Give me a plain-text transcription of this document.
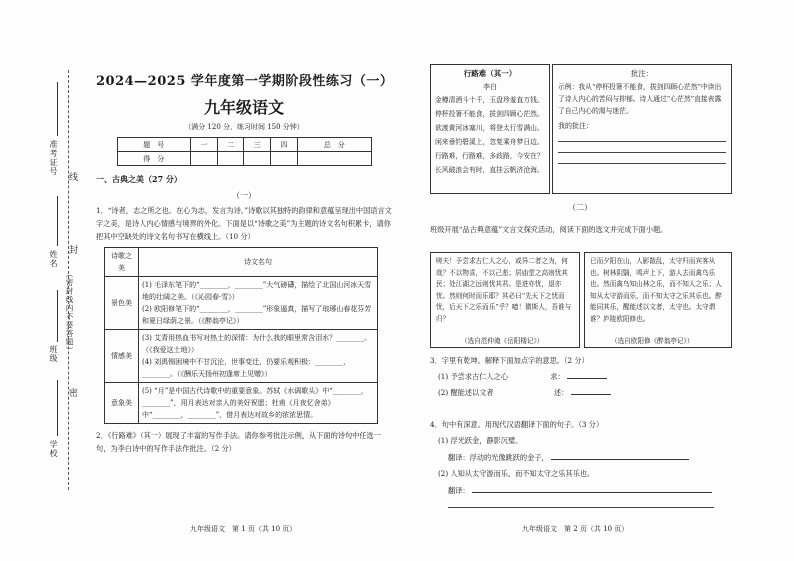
准考证号
线
姓名
（密封线内不要答题）
封
班级
密
学校
2024—2025 学年度第一学期阶段性练习（一）
九年级语文
（满分 120 分，练习时间 150 分钟）
题　号	一	二	三	四	总　分
得　分					
一、古典之美（27 分）
（一）
1．“诗者，志之所之也。在心为志，发言为诗。”诗歌以其独特的韵律和意蕴呈现出中国语言文字之美，是诗人内心情感与境界的外化。下面是以“诗歌之美”为主题的诗文名句积累卡，请你把其中空缺处的诗文名句书写在横线上。（10 分）
诗歌之美	诗文名句
景色美	(1) 毛泽东笔下的“________，________”大气磅礴，描绘了北国山河冰天雪地的壮阔之美。（《沁园春·雪》）
(2) 欧阳修笔下的“________，________”形象逼真，描写了琅琊山春花芬芳和夏日绿荫之景。（《醉翁亭记》）

情感美	(3) 艾青用热血书写对热土的深情：为什么我的眼里常含泪水？________。（《我爱这土地》）
(4) 刘禹锡困境中不甘沉沦，世事变迁，仍要乐观积极：________，________。（《酬乐天扬州初逢席上见赠》）

意象美	(5) “月”是中国古代诗歌中的重要意象。苏轼《水调歌头》中“________，________”，用月表达对亲人的美好祝愿；杜甫《月夜忆舍弟》中“________，________”，借月表达对故乡的浓浓思情。
2．《行路难》（其一）展现了丰富的写作手法。请你参考批注示例，从下面的诗句中任选一句，为李白诗中的写作手法作批注。（2 分）
九年级语文　第 1 页（共 10 页）
行路难（其一）
李白
金樽清酒斗十千，玉盘珍羞直万钱。
停杯投箸不能食，拔剑四顾心茫然。
欲渡黄河冰塞川，将登太行雪满山。
闲来垂钓碧溪上，忽复乘舟梦日边。
行路难，行路难，多歧路，今安在？
长风破浪会有时，直挂云帆济沧海。
批注：
示例：我从“停杯投箸不能食，拔剑四顾心茫然”中读出了诗人内心的苦闷与抑郁。诗人通过“心茫然”直接表露了自己内心的渴与迷茫。
我的批注：
（二）
班级开展“品古典意蕴”文言文探究活动，阅读下面的选文并完成下面小题。
嗟夫！予尝求古仁人之心，或异二者之为，何哉？不以物喜，不以己悲；居庙堂之高则忧其民；处江湖之远则忧其君。是进亦忧，退亦忧。然则何时而乐耶？其必曰“先天下之忧而忧，后天下之乐而乐”乎？噫！微斯人，吾谁与归？
（选自范仲淹《岳阳楼记》）
已而夕阳在山，人影散乱，太守归而宾客从也。树林阴翳，鸣声上下，游人去而禽鸟乐也。然而禽鸟知山林之乐，而不知人之乐；人知从太守游而乐，而不知太守之乐其乐也。醉能同其乐，醒能述以文者，太守也。太守谓谁？庐陵欧阳修也。
（选自欧阳修《醉翁亭记》）
3．字里有乾坤。解释下面加点字的意思。（2 分）
(1) 予尝求古仁人之心	求：
(2) 醒能述以文者	述：
4．句中有深意。用现代汉语翻译下面的句子。（3 分）
(1) 浮光跃金，静影沉璧。
翻译：浮动的光像跳跃的金子，
(2) 人知从太守游而乐，而不知太守之乐其乐也。
翻译：
九年级语文　第 2 页（共 10 页）
